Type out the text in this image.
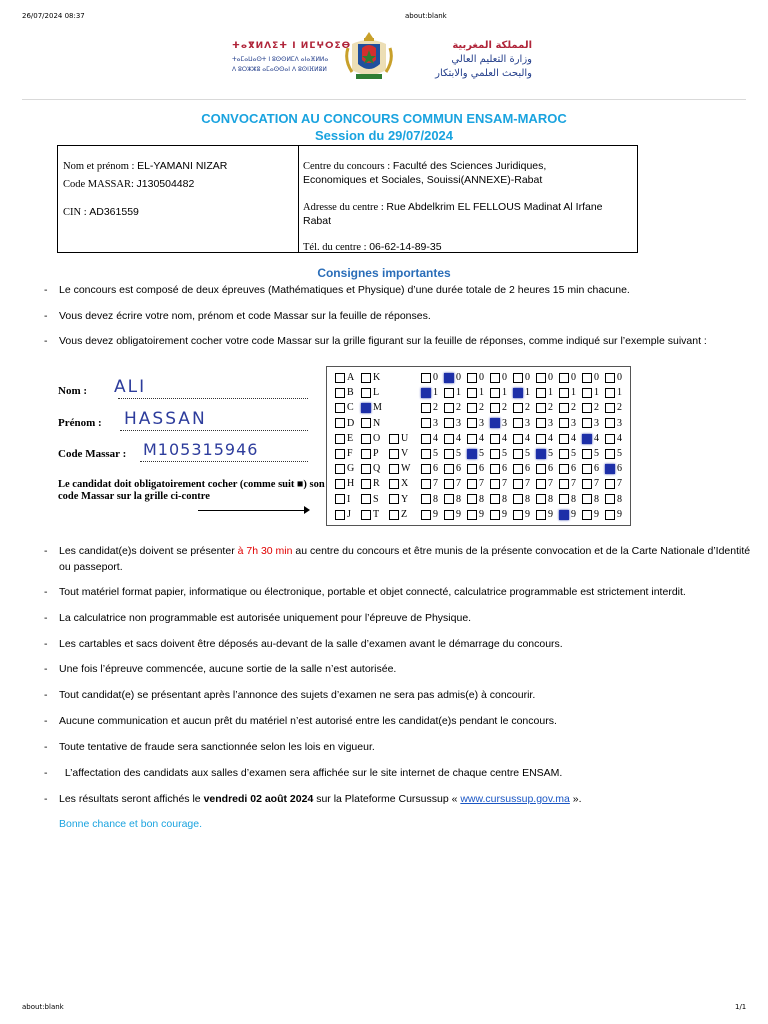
26/07/2024 08:37	about:blank
ⵜⴰⴳⵍⴷⵉⵜ ⵏ ⵍⵎⵖⵔⵉⴱ
ⵜⴰⵎⴰⵡⴰⵙⵜ ⵏ ⵓⵙⵙⵍⵎⴷ ⴰⵏⴰⴼⵍⵍⴰ
ⴷ ⵓⵔⵣⵣⵓ ⴰⵎⴰⵙⵙⴰⵏ ⴷ ⵓⵙⵏⴼⵍⵓⵍ
المملكة المغربية
وزارة التعليم العالي
والبحث العلمي والابتكار
CONVOCATION AU CONCOURS COMMUN ENSAM-MAROC
Session du 29/07/2024
Nom et prénom : EL-YAMANI NIZAR
Code MASSAR: J130504482
CIN : AD361559
Centre du concours : Faculté des Sciences Juridiques,
Economiques et Sociales, Souissi(ANNEXE)-Rabat
Adresse du centre : Rue Abdelkrim EL FELLOUS Madinat Al Irfane
Rabat
Tél. du centre : 06-62-14-89-35
Consignes importantes
- Le concours est composé de deux épreuves (Mathématiques et Physique) d’une durée totale de 2 heures 15 min chacune.
- Vous devez écrire votre nom, prénom et code Massar sur la feuille de réponses.
- Vous devez obligatoirement cocher votre code Massar sur la grille figurant sur la feuille de réponses, comme indiqué sur l’exemple suivant :
Nom : ALI
Prénom : HASSAN
Code Massar : M105315946
Le candidat doit obligatoirement cocher (comme suit ■) son code Massar sur la grille ci-contre
A	K	0	0	0	0	0	0	0	0	0
B	L	1	1	1	1	1	1	1	1	1
C	M	2	2	2	2	2	2	2	2	2
D	N	3	3	3	3	3	3	3	3	3
E	O	U	4	4	4	4	4	4	4	4	4
F	P	V	5	5	5	5	5	5	5	5	5
G	Q	W	6	6	6	6	6	6	6	6	6
H	R	X	7	7	7	7	7	7	7	7	7
I	S	Y	8	8	8	8	8	8	8	8	8
J	T	Z	9	9	9	9	9	9	9	9	9
- Les candidat(e)s doivent se présenter à 7h 30 min au centre du concours et être munis de la présente convocation et de la Carte Nationale d’Identité ou passeport.
- Tout matériel format papier, informatique ou électronique, portable et objet connecté, calculatrice programmable est strictement interdit.
- La calculatrice non programmable est autorisée uniquement pour l’épreuve de Physique.
- Les cartables et sacs doivent être déposés au-devant de la salle d’examen avant le démarrage du concours.
- Une fois l’épreuve commencée, aucune sortie de la salle n’est autorisée.
- Tout candidat(e) se présentant après l’annonce des sujets d’examen ne sera pas admis(e) à concourir.
- Aucune communication et aucun prêt du matériel n’est autorisé entre les candidat(e)s pendant le concours.
- Toute tentative de fraude sera sanctionnée selon les lois en vigueur.
- L’affectation des candidats aux salles d’examen sera affichée sur le site internet de chaque centre ENSAM.
- Les résultats seront affichés le vendredi 02 août 2024 sur la Plateforme Cursussup « www.cursussup.gov.ma ».
Bonne chance et bon courage.
about:blank	1/1
